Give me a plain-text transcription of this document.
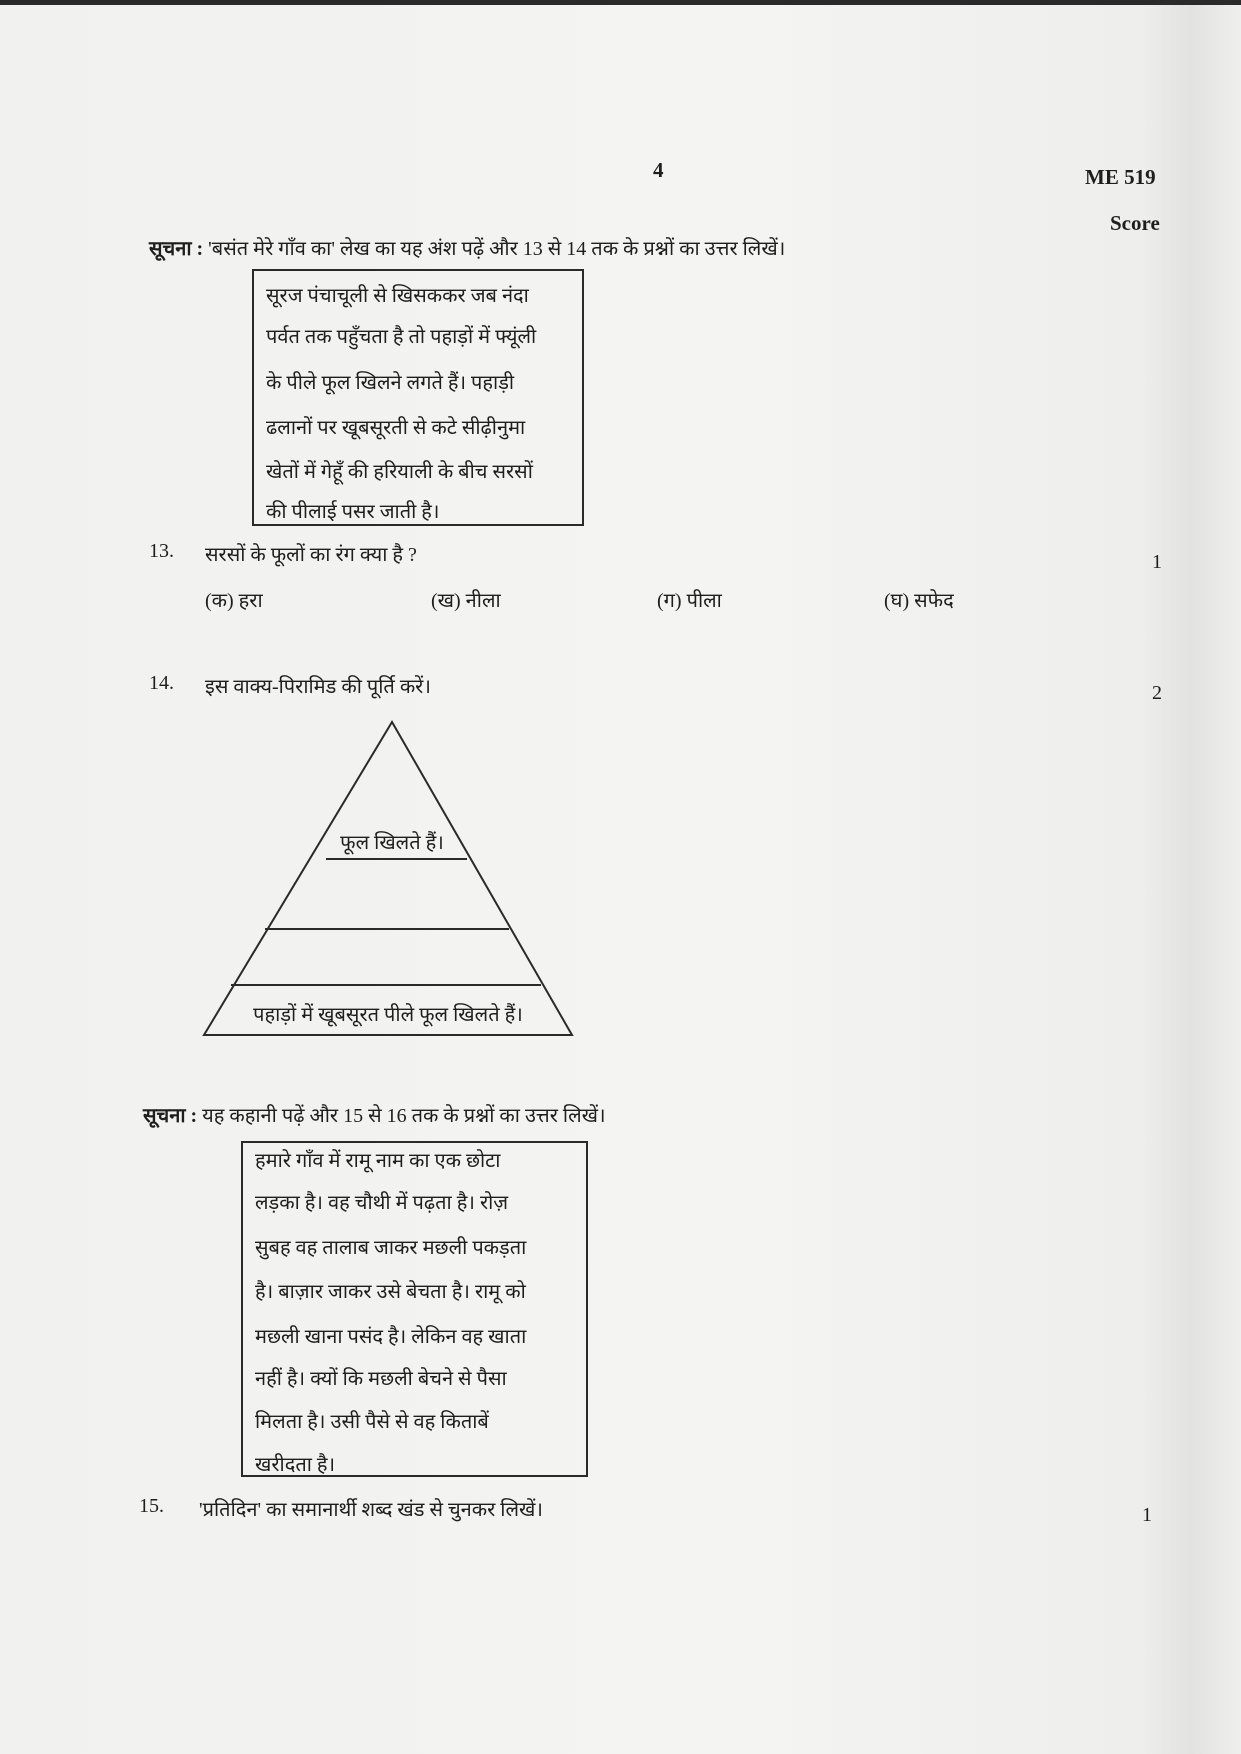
4	ME 519
Score
सूचना : 'बसंत मेरे गाँव का' लेख का यह अंश पढ़ें और 13 से 14 तक के प्रश्नों का उत्तर लिखें।
सूरज पंचाचूली से खिसककर जब नंदा
पर्वत तक पहुँचता है तो पहाड़ों में फ्यूंली
के पीले फूल खिलने लगते हैं। पहाड़ी
ढलानों पर खूबसूरती से कटे सीढ़ीनुमा
खेतों में गेहूँ की हरियाली के बीच सरसों
की पीलाई पसर जाती है।
13. सरसों के फूलों का रंग क्या है ?	1
(क) हरा	(ख) नीला	(ग) पीला	(घ) सफेद
14. इस वाक्य-पिरामिड की पूर्ति करें।	2
फूल खिलते हैं।
पहाड़ों में खूबसूरत पीले फूल खिलते हैं।
सूचना : यह कहानी पढ़ें और 15 से 16 तक के प्रश्नों का उत्तर लिखें।
हमारे गाँव में रामू नाम का एक छोटा
लड़का है। वह चौथी में पढ़ता है। रोज़
सुबह वह तालाब जाकर मछली पकड़ता
है। बाज़ार जाकर उसे बेचता है। रामू को
मछली खाना पसंद है। लेकिन वह खाता
नहीं है। क्यों कि मछली बेचने से पैसा
मिलता है। उसी पैसे से वह किताबें
खरीदता है।
15. 'प्रतिदिन' का समानार्थी शब्द खंड से चुनकर लिखें।	1
